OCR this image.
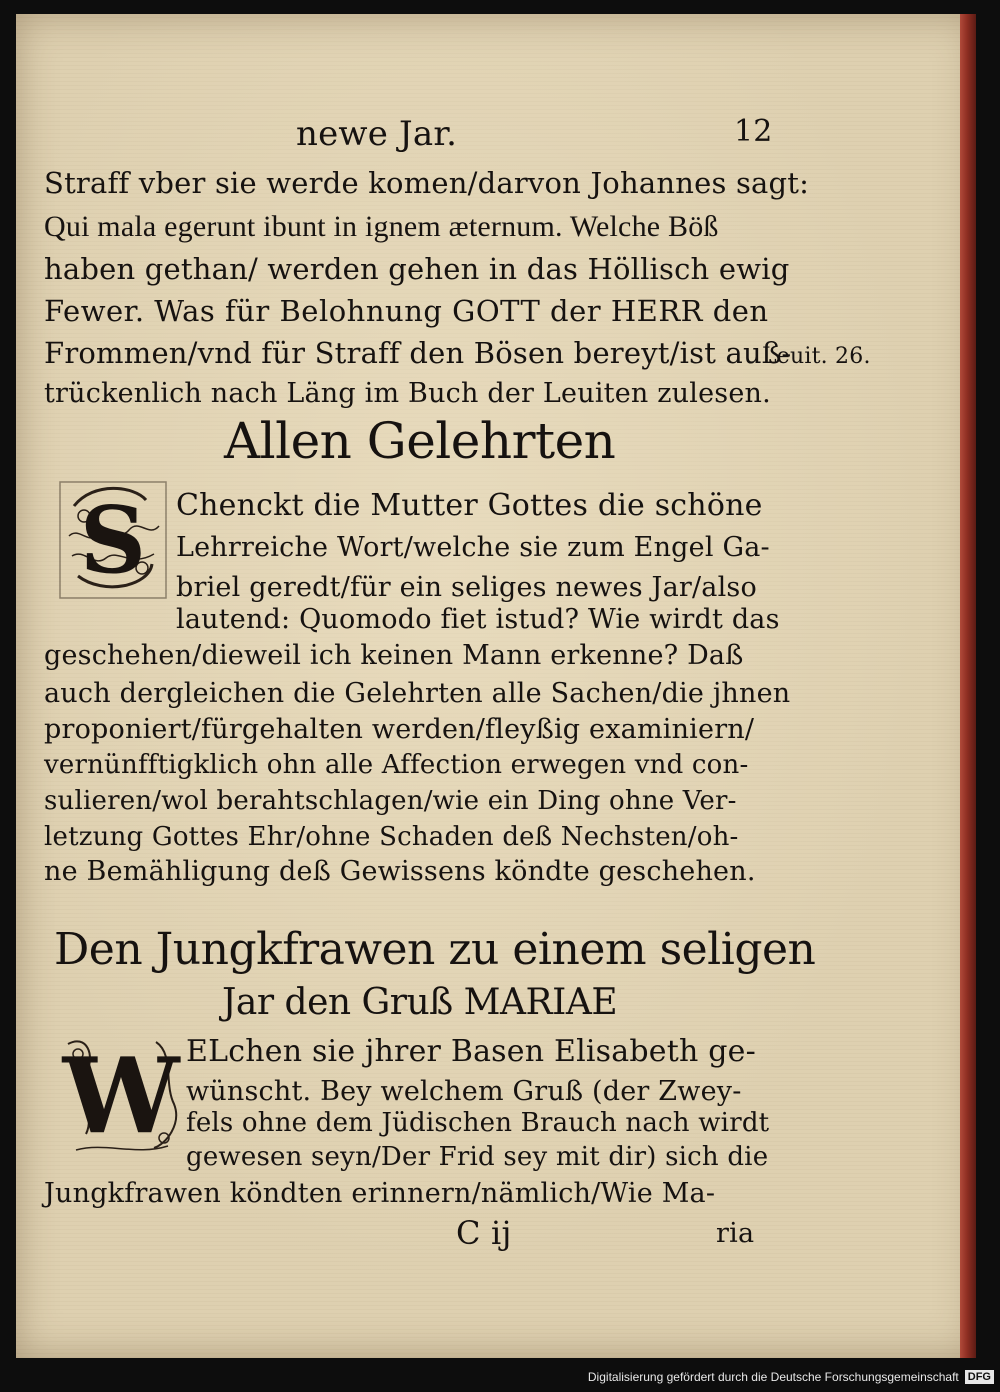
newe Jar.	12
Straff vber sie werde komen/darvon Johannes sagt:
Qui mala egerunt ibunt in ignem æternum. Welche Böß
haben gethan/ werden gehen in das Höllisch ewig
Fewer. Was für Belohnung GOTT der HERR den
Frommen/vnd für Straff den Bösen bereyt/ist auß-
trückenlich nach Läng im Buch der Leuiten zulesen.
Leuit. 26.
Allen Gelehrten
S Chenckt die Mutter Gottes die schöne
Lehrreiche Wort/welche sie zum Engel Ga-
briel geredt/für ein seliges newes Jar/also
lautend: Quomodo fiet istud? Wie wirdt das
geschehen/dieweil ich keinen Mann erkenne? Daß
auch dergleichen die Gelehrten alle Sachen/die jhnen
proponiert/fürgehalten werden/fleyßig examiniern/
vernünfftigklich ohn alle Affection erwegen vnd con-
sulieren/wol berahtschlagen/wie ein Ding ohne Ver-
letzung Gottes Ehr/ohne Schaden deß Nechsten/oh-
ne Bemähligung deß Gewissens köndte geschehen.
Den Jungkfrawen zu einem seligen
Jar den Gruß MARIAE
W ELchen sie jhrer Basen Elisabeth ge-
wünscht. Bey welchem Gruß (der Zwey-
fels ohne dem Jüdischen Brauch nach wirdt
gewesen seyn/Der Frid sey mit dir) sich die
Jungkfrawen köndten erinnern/nämlich/Wie Ma-
C ij	ria
Digitalisierung gefördert durch die Deutsche Forschungsgemeinschaft DFG
